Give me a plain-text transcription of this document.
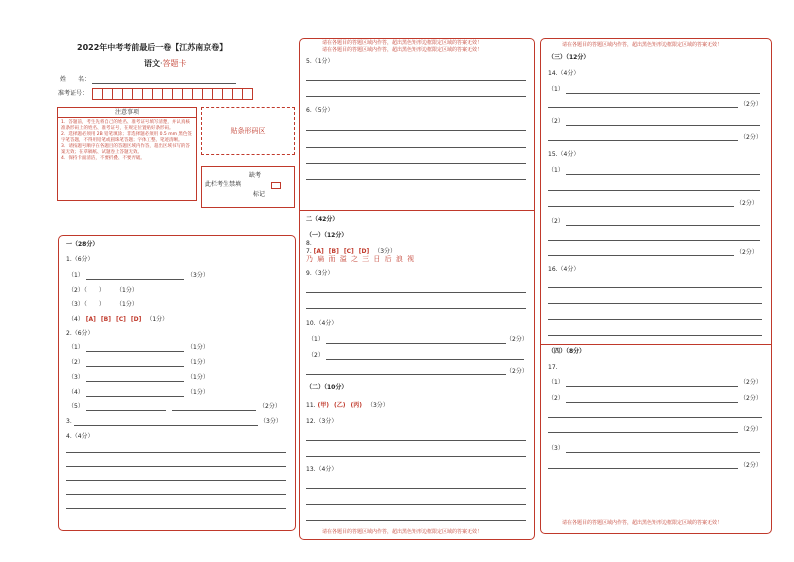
2022年中考考前最后一卷【江苏南京卷】
语文·答题卡
姓　　名：
准考证号：
注意事项

1．答题前，考生先将自己的姓名、准考证号填写清楚，并认真核准条形码上的姓名、准考证号，在规定位置贴好条形码。

2．选择题必须用 2B 铅笔填涂；非选择题必须用 0.5 mm 黑色签字笔答题，不得用铅笔或圆珠笔答题；字体工整、笔迹清晰。

3．请按题号顺序在各题目的答题区域内作答，超出区域书写的答案无效；在草稿纸、试题卷上答题无效。

4．保持卡面清洁，不要折叠、不要弄破。

贴条形码区
缺考
此栏考生禁填
标记
一（28分）
1.（6分）
（1）	（3分）
（2）（　　） （1分）
（3）（　　） （1分）
（4） [A] [B] [C] [D] （1分）
2.（6分）
（1）	（1分）
（2）	（1分）
（3）	（1分）
（4）	（1分）
（5）	（2分）
3.	（3分）
4.（4分）
请在各题目的答题区域内作答，超出黑色矩形边框限定区域的答案无效！
请在各题目的答题区域内作答，超出黑色矩形边框限定区域的答案无效！
5.（1分）
6.（5分）
二（42分）
（一）（12分）
7. [A] [B] [C] [D] （3分）
8.
乃 扁 而 溢 之 三 日 后 浪 视
9.（3分）
10.（4分）
（1）	（2分）
（2）
（2分）
（二）（10分）
11. (甲) (乙) (丙) （3分）
12.（3分）
13.（4分）
请在各题目的答题区域内作答，超出黑色矩形边框限定区域的答案无效！
请在各题目的答题区域内作答，超出黑色矩形边框限定区域的答案无效！
（三）（12分）
14.（4分）
（1）
（2分）
（2）
（2分）
15.（4分）
（1）
（2分）
（2）
（2分）
16.（4分）
（四）（8分）
17.
（1）	（2分）
（2）	（2分）
（2分）
（3）
（2分）
请在各题目的答题区域内作答，超出黑色矩形边框限定区域的答案无效！
